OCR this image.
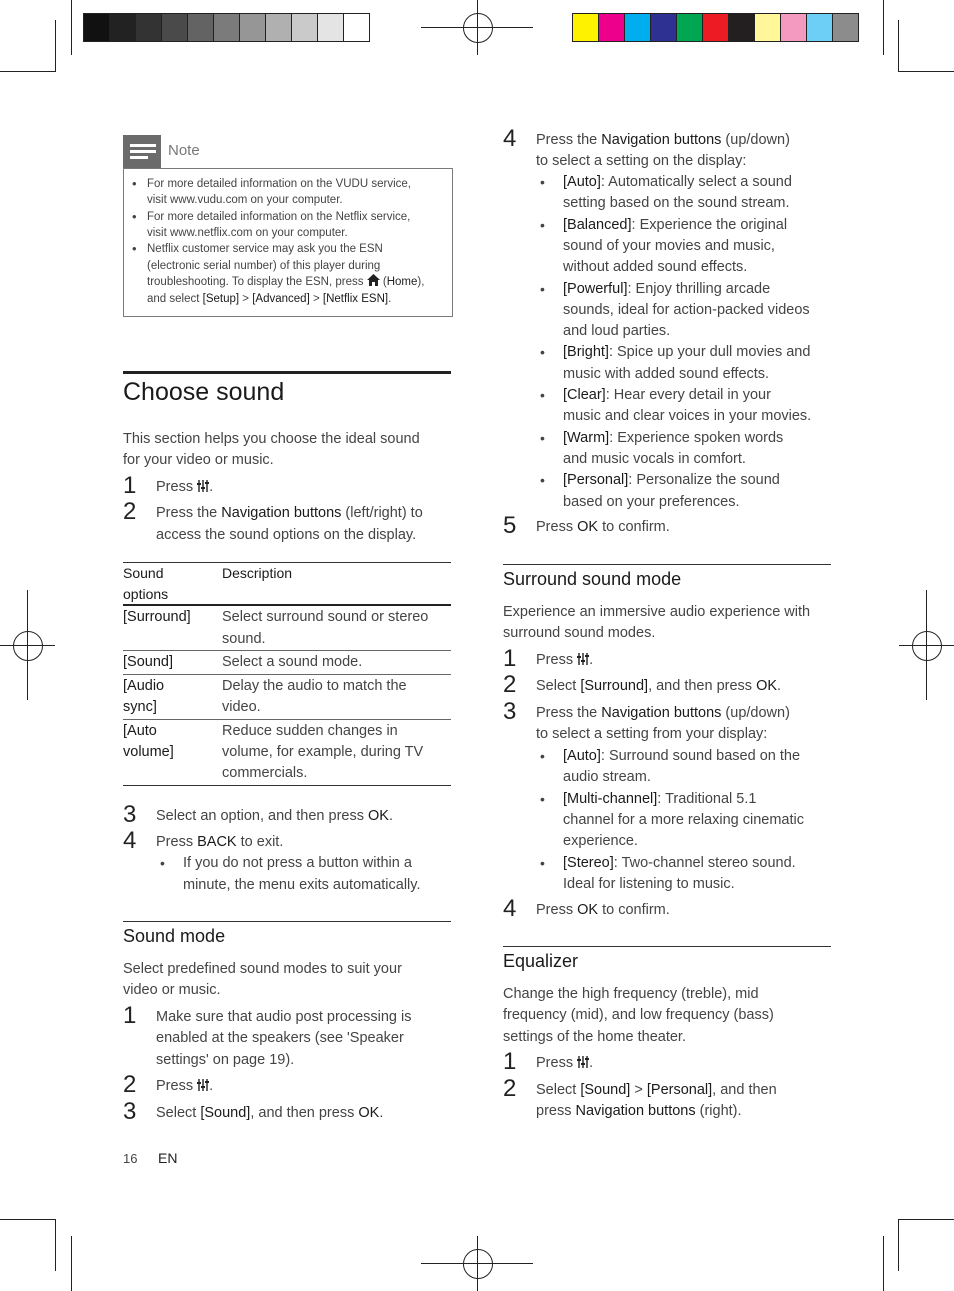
Note
• For more detailed information on the VUDU service,
visit www.vudu.com on your computer.
• For more detailed information on the Netflix service,
visit www.netflix.com on your computer.
• Netflix customer service may ask you the ESN
(electronic serial number) of this player during
troubleshooting. To display the ESN, press  (Home),
and select [Setup] > [Advanced] > [Netflix ESN].
Choose sound
This section helps you choose the ideal sound
for your video or music.
1 Press .
2 Press the Navigation buttons (left/right) to
access the sound options on the display.
Sound
options
Description
[Surround] Select surround sound or stereo
sound.
[Sound]	Select a sound mode.
[Audio
sync]
Delay the audio to match the
video.
[Auto
volume]
Reduce sudden changes in
volume, for example, during TV
commercials.
3 Select an option, and then press OK.
4 Press BACK to exit.
• If you do not press a button within a
minute, the menu exits automatically.
Sound mode
Select predefined sound modes to suit your
video or music.
1 Make sure that audio post processing is
enabled at the speakers (see 'Speaker
settings' on page 19).
2 Press .
3 Select [Sound], and then press OK.
16 EN
4 Press the Navigation buttons (up/down)
to select a setting on the display:
• [Auto]: Automatically select a sound
setting based on the sound stream.
• [Balanced]: Experience the original
sound of your movies and music,
without added sound effects.
• [Powerful]: Enjoy thrilling arcade
sounds, ideal for action-packed videos
and loud parties.
• [Bright]: Spice up your dull movies and
music with added sound effects.
• [Clear]: Hear every detail in your
music and clear voices in your movies.
• [Warm]: Experience spoken words
and music vocals in comfort.
• [Personal]: Personalize the sound
based on your preferences.
5 Press OK to confirm.
Surround sound mode
Experience an immersive audio experience with
surround sound modes.
1 Press .
2 Select [Surround], and then press OK.
3 Press the Navigation buttons (up/down)
to select a setting from your display:
• [Auto]: Surround sound based on the
audio stream.
• [Multi-channel]: Traditional 5.1
channel for a more relaxing cinematic
experience.
• [Stereo]: Two-channel stereo sound.
Ideal for listening to music.
4 Press OK to confirm.
Equalizer
Change the high frequency (treble), mid
frequency (mid), and low frequency (bass)
settings of the home theater.
1 Press .
2 Select [Sound] > [Personal], and then
press Navigation buttons (right).
